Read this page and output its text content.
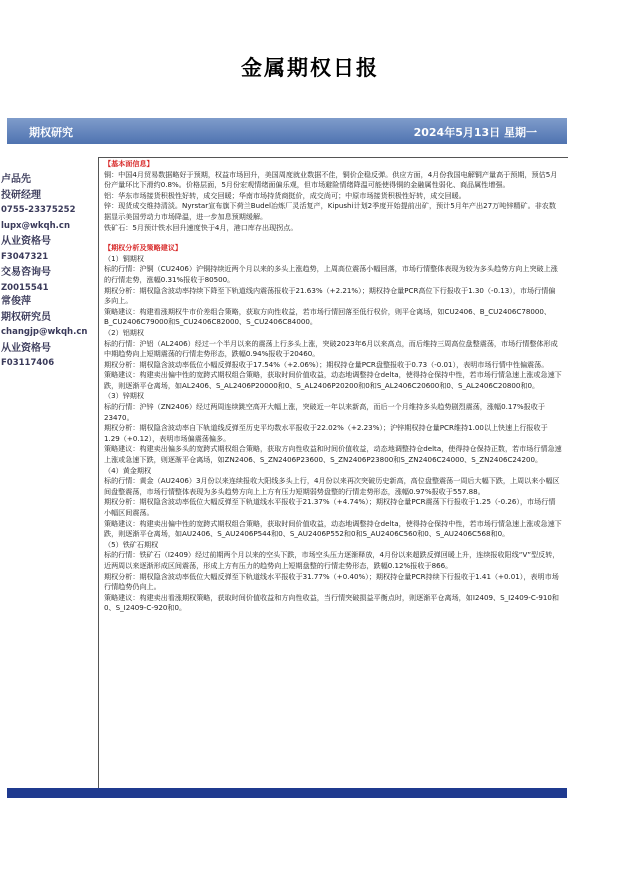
金属期权日报
期权研究	2024年5月13日 星期一
卢品先
投研经理
0755-23375252
lupx@wkqh.cn
从业资格号
F3047321
交易咨询号
Z0015541
常俊萍
期权研究员
changjp@wkqh.cn
从业资格号
F03117406

【基本面信息】

铜：中国4月贸易数据略好于预期，权益市场回升，美国周度就业数据不佳，铜价企稳反弹。供应方面，4月份我国电解铜产量高于预期，预估5月份产量环比下滑约0.8%。价格层面，5月份宏观情绪面偏乐观，但市场避险情绪降温可能使得铜的金融属性弱化、商品属性增强。

铝：华东市场接货积极性好转，成交回暖；华南市场持货商挺价，成交尚可；中原市场接货积极性好转，成交回暖。

锌：现货成交维持清淡。Nyrstar宣布旗下荷兰Budel冶炼厂灵活复产，Kipushi计划2季度开始提前出矿，预计5月年产出27万吨锌精矿。非农数据显示美国劳动力市场降温，进一步加息预期缓解。

铁矿石：5月预计铁水回升速度快于4月，港口库存出现拐点。

【期权分析及策略建议】

（1）铜期权

标的行情：沪铜（CU2406）沪铜持续近两个月以来的多头上涨趋势，上周高位震荡小幅回落，市场行情整体表现为较为多头趋势方向上突破上涨的行情走势，涨幅0.31%报收于80500。

期权分析：期权隐含波动率持续下降至下轨道线内震荡报收于21.63%（+2.21%）；期权持仓量PCR高位下行报收于1.30（-0.13），市场行情偏多向上。

策略建议：构建看涨期权牛市价差组合策略，获取方向性收益，若市场行情回落至低行权价，则平仓离场，如CU2406、B_CU2406C78000、B_CU2406C79000和S_CU2406C82000、S_CU2406C84000。

（2）铝期权

标的行情：沪铝（AL2406）经过一个半月以来的震荡上行多头上涨，突破2023年6月以来高点，而后维持三周高位盘整震荡，市场行情整体形成中期趋势向上短期震荡的行情走势形态，跌幅0.94%报收于20460。

期权分析：期权隐含波动率低位小幅反弹报收于17.54%（+2.06%）；期权持仓量PCR盘整报收于0.73（-0.01），表明市场行情中性偏震荡。

策略建议：构建卖出偏中性的宽跨式期权组合策略，获取时间价值收益，动态地调整持仓delta，使得持仓保持中性，若市场行情急速上涨或急速下跌，则逐渐平仓离场，如AL2406、S_AL2406P20000和0、S_AL2406P20200和0和S_AL2406C20600和0、S_AL2406C20800和0。

（3）锌期权

标的行情：沪锌（ZN2406）经过两周连续跳空高开大幅上涨，突破近一年以来新高，而后一个月维持多头趋势剧烈震荡，涨幅0.17%报收于23470。

期权分析：期权隐含波动率自下轨道线反弹至历史平均数水平报收于22.02%（+2.23%）；沪锌期权持仓量PCR维持1.00以上快速上行报收于1.29（+0.12），表明市场偏震荡偏多。

策略建议：构建卖出偏多头的宽跨式期权组合策略，获取方向性收益和时间价值收益，动态地调整持仓delta，使得持仓保持正数，若市场行情急速上涨或急速下跌，则逐渐平仓离场，如ZN2406、S_ZN2406P23600、S_ZN2406P23800和S_ZN2406C24000、S_ZN2406C24200。

（4）黄金期权

标的行情：黄金（AU2406）3月份以来连续报收大阳线多头上行，4月份以来再次突破历史新高，高位盘整震荡一周后大幅下跌，上周以来小幅区间盘整震荡，市场行情整体表现为多头趋势方向上上方有压力短期弱势盘整的行情走势形态，涨幅0.97%报收于557.88。

期权分析：期权隐含波动率低位大幅反弹至下轨道线水平报收于21.37%（+4.74%）；期权持仓量PCR震荡下行报收于1.25（-0.26），市场行情小幅区间震荡。

策略建议：构建卖出偏中性的宽跨式期权组合策略，获取时间价值收益，动态地调整持仓delta，使得持仓保持中性，若市场行情急速上涨或急速下跌，则逐渐平仓离场，如AU2406、S_AU2406P544和0、S_AU2406P552和0和S_AU2406C560和0、S_AU2406C568和0。

（5）铁矿石期权

标的行情：铁矿石（I2409）经过前期两个月以来的空头下跌，市场空头压力逐渐释放，4月份以来超跌反弹回暖上升，连续报收阳线“V”型反转，近两周以来逐渐形成区间震荡，形成上方有压力的趋势向上短期盘整的行情走势形态，跌幅0.12%报收于866。

期权分析：期权隐含波动率低位大幅反弹至下轨道线水平报收于31.77%（+0.40%）；期权持仓量PCR持续下行报收于1.41（+0.01），表明市场行情趋势仍向上。

策略建议：构建卖出看涨期权策略，获取时间价值收益和方向性收益，当行情突破损益平衡点时，则逐渐平仓离场，如I2409、S_I2409-C-910和0、S_I2409-C-920和0。
